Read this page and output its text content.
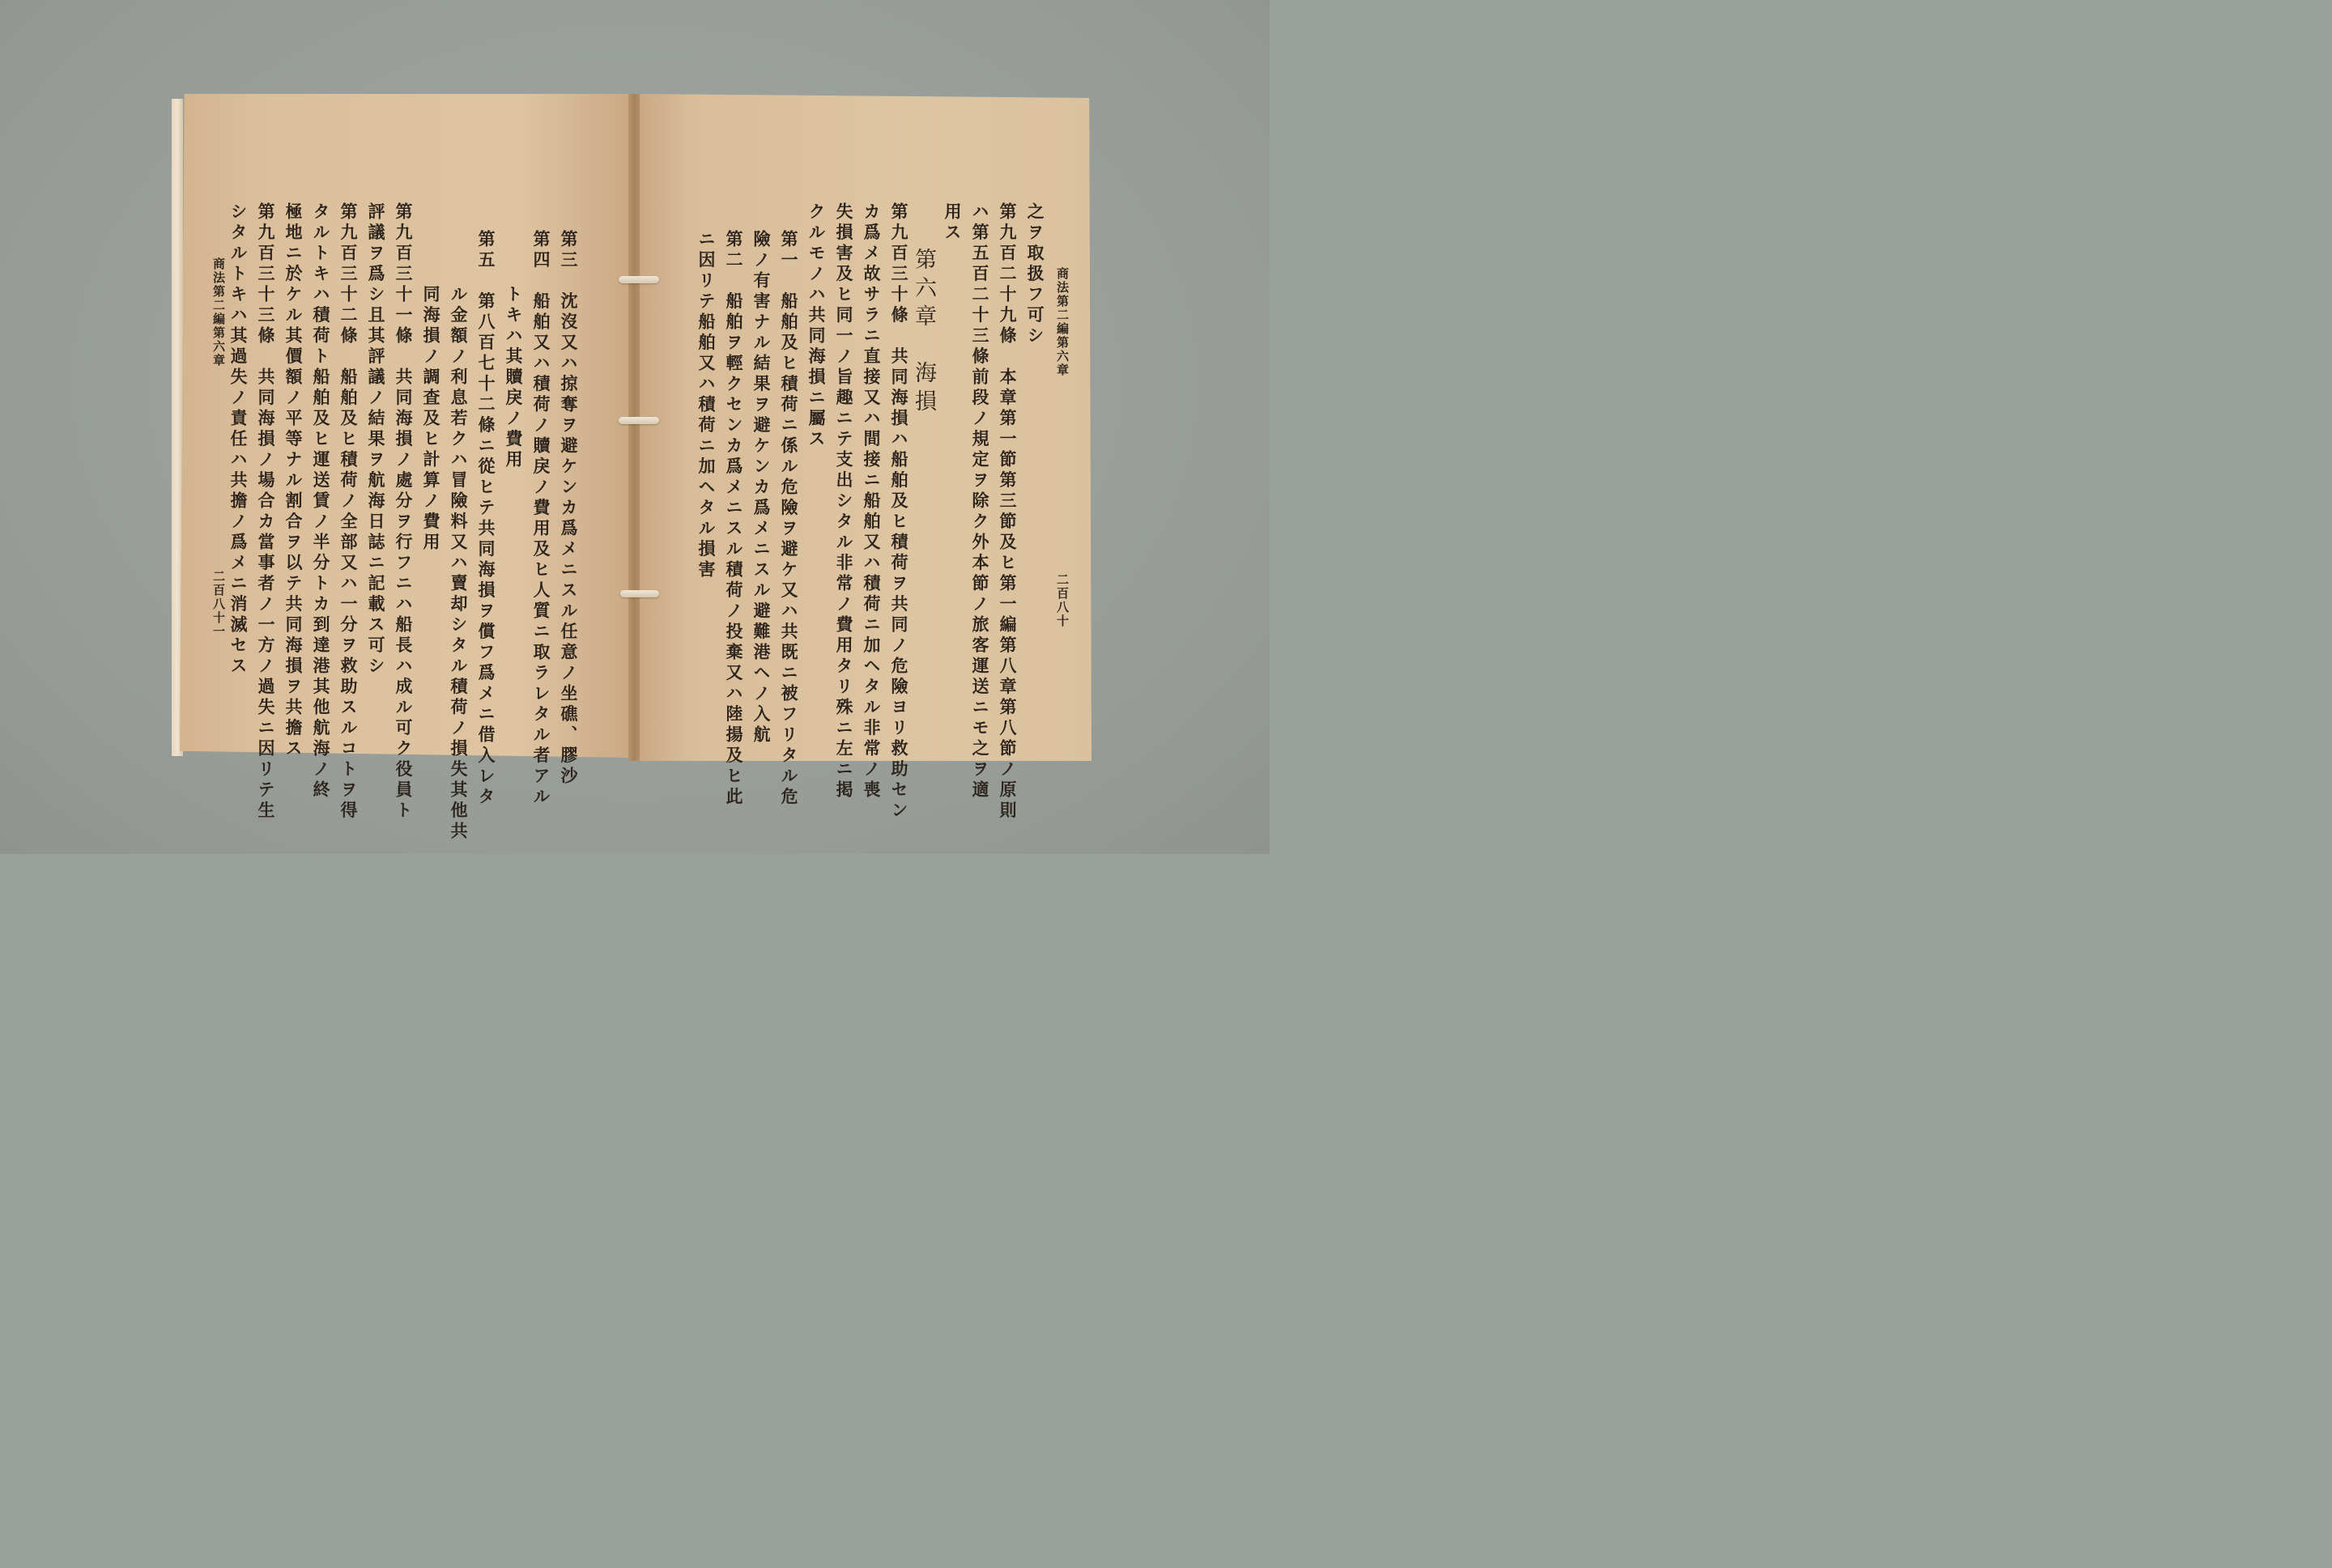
商法第二編第六章
二百八十
之ヲ取扱フ可シ
第九百二十九條　本章第一節第三節及ヒ第一編第八章第八節ノ原則
ハ第五百二十三條前段ノ規定ヲ除ク外本節ノ旅客運送ニモ之ヲ適
用ス
第六章　海損
第九百三十條　共同海損ハ船舶及ヒ積荷ヲ共同ノ危險ヨリ救助セン
カ爲メ故サラニ直接又ハ間接ニ船舶又ハ積荷ニ加ヘタル非常ノ喪
失損害及ヒ同一ノ旨趣ニテ支出シタル非常ノ費用タリ殊ニ左ニ掲
クルモノハ共同海損ニ屬ス
第一　船舶及ヒ積荷ニ係ル危險ヲ避ケ又ハ共既ニ被フリタル危
險ノ有害ナル結果ヲ避ケンカ爲メニスル避難港ヘノ入航
第二　船舶ヲ輕クセンカ爲メニスル積荷ノ投棄又ハ陸揚及ヒ此
ニ因リテ船舶又ハ積荷ニ加ヘタル損害
第三　沈沒又ハ掠奪ヲ避ケンカ爲メニスル任意ノ坐礁、膠沙
第四　船舶又ハ積荷ノ贖戾ノ費用及ヒ人質ニ取ラレタル者アル
トキハ其贖戾ノ費用
第五　第八百七十二條ニ從ヒテ共同海損ヲ償フ爲メニ借入レタ
ル金額ノ利息若クハ冒險料又ハ賣却シタル積荷ノ損失其他共
同海損ノ調査及ヒ計算ノ費用
第九百三十一條　共同海損ノ處分ヲ行フニハ船長ハ成ル可ク役員ト
評議ヲ爲シ且其評議ノ結果ヲ航海日誌ニ記載ス可シ
第九百三十二條　船舶及ヒ積荷ノ全部又ハ一分ヲ救助スルコトヲ得
タルトキハ積荷ト船舶及ヒ運送賃ノ半分トカ到達港其他航海ノ終
極地ニ於ケル其價額ノ平等ナル割合ヲ以テ共同海損ヲ共擔ス
第九百三十三條　共同海損ノ場合カ當事者ノ一方ノ過失ニ因リテ生
シタルトキハ其過失ノ責任ハ共擔ノ爲メニ消滅セス
商法第二編第六章
二百八十一
